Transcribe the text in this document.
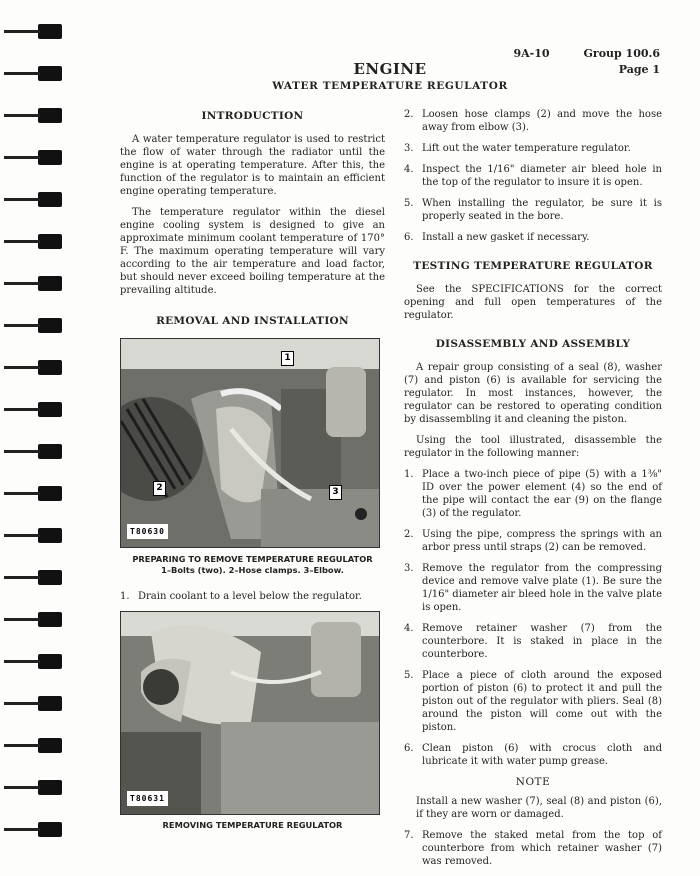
9A-10	Group 100.6
Page 1
ENGINE
WATER TEMPERATURE REGULATOR
INTRODUCTION

A water temperature regulator is used to restrict the flow of water through the radiator until the engine is at operating temperature. After this, the function of the regulator is to maintain an efficient engine operating temperature.

The temperature regulator within the diesel engine cooling system is designed to give an approximate minimum coolant temperature of 170° F. The maximum operating temperature will vary according to the air temperature and load factor, but should never exceed boiling temperature at the prevailing altitude.

REMOVAL AND INSTALLATION
1
2	3
T80630
PREPARING TO REMOVE TEMPERATURE REGULATOR
1–Bolts (two). 2–Hose clamps. 3–Elbow.
1. Drain coolant to a level below the regulator.
T80631
REMOVING TEMPERATURE REGULATOR
2. Loosen hose clamps (2) and move the hose away from elbow (3).
3. Lift out the water temperature regulator.
4. Inspect the 1/16" diameter air bleed hole in the top of the regulator to insure it is open.
5. When installing the regulator, be sure it is properly seated in the bore.
6. Install a new gasket if necessary.
TESTING TEMPERATURE REGULATOR

See the SPECIFICATIONS for the correct opening and full open temperatures of the regulator.

DISASSEMBLY AND ASSEMBLY

A repair group consisting of a seal (8), washer (7) and piston (6) is available for servicing the regulator. In most instances, however, the regulator can be restored to operating condition by disassembling it and cleaning the piston.

Using the tool illustrated, disassemble the regulator in the following manner:

1. Place a two-inch piece of pipe (5) with a 1⅜" ID over the power element (4) so the end of the pipe will contact the ear (9) on the flange (3) of the regulator.
2. Using the pipe, compress the springs with an arbor press until straps (2) can be removed.
3. Remove the regulator from the compressing device and remove valve plate (1). Be sure the 1/16" diameter air bleed hole in the valve plate is open.
4. Remove retainer washer (7) from the counterbore. It is staked in place in the counterbore.
5. Place a piece of cloth around the exposed portion of piston (6) to protect it and pull the piston out of the regulator with pliers. Seal (8) around the piston will come out with the piston.
6. Clean piston (6) with crocus cloth and lubricate it with water pump grease.
NOTE

Install a new washer (7), seal (8) and piston (6), if they are worn or damaged.

7. Remove the staked metal from the top of counterbore from which retainer washer (7) was removed.
